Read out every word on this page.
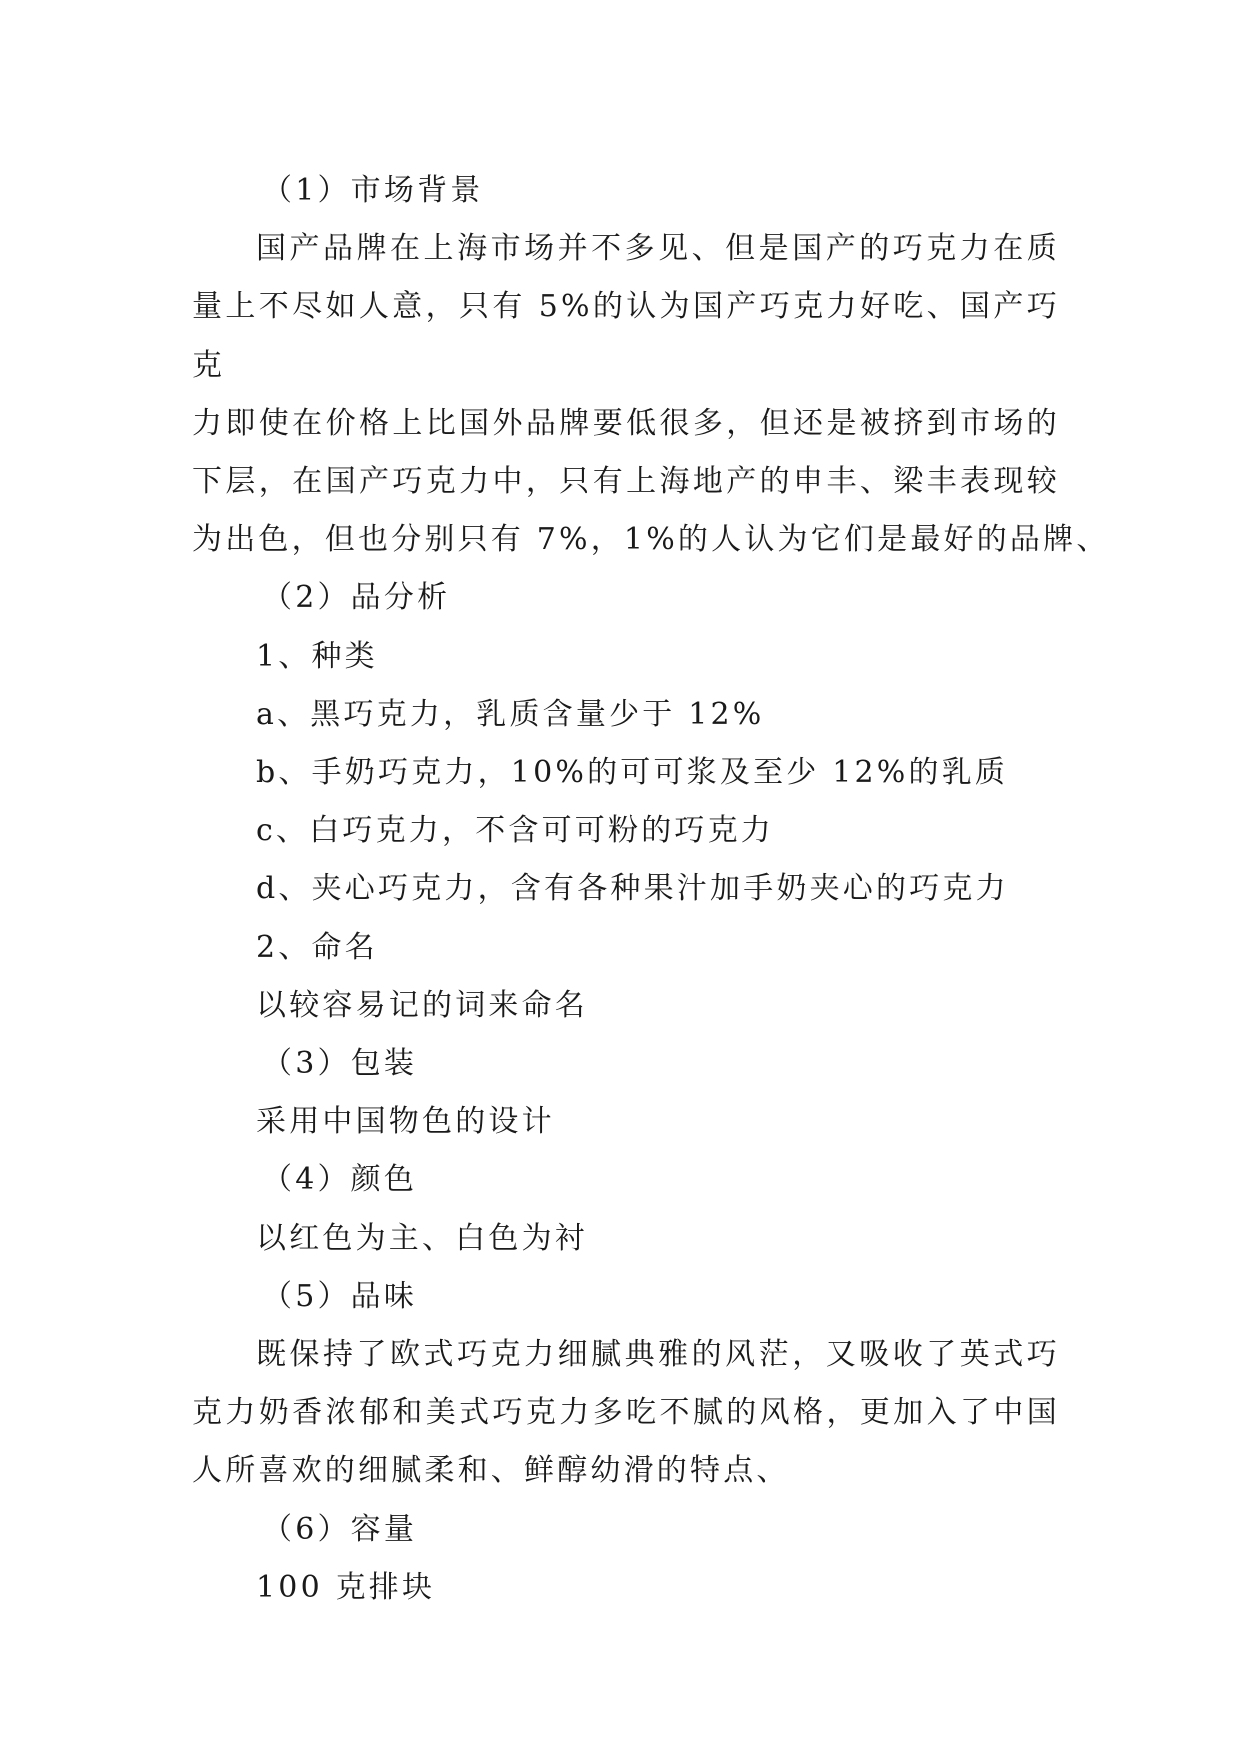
（1）市场背景

国产品牌在上海市场并不多见、但是国产的巧克力在质

量上不尽如人意，只有 5%的认为国产巧克力好吃、国产巧克

力即使在价格上比国外品牌要低很多，但还是被挤到市场的

下层，在国产巧克力中，只有上海地产的申丰、梁丰表现较

为出色，但也分别只有 7%，1%的人认为它们是最好的品牌、

（2）品分析

1、种类

a、黑巧克力，乳质含量少于 12%

b、手奶巧克力，10%的可可浆及至少 12%的乳质

c、白巧克力，不含可可粉的巧克力

d、夹心巧克力，含有各种果汁加手奶夹心的巧克力

2、命名

以较容易记的词来命名

（3）包装

采用中国物色的设计

（4）颜色

以红色为主、白色为衬

（5）品味

既保持了欧式巧克力细腻典雅的风茫，又吸收了英式巧

克力奶香浓郁和美式巧克力多吃不腻的风格，更加入了中国

人所喜欢的细腻柔和、鲜醇幼滑的特点、

（6）容量

100 克排块
